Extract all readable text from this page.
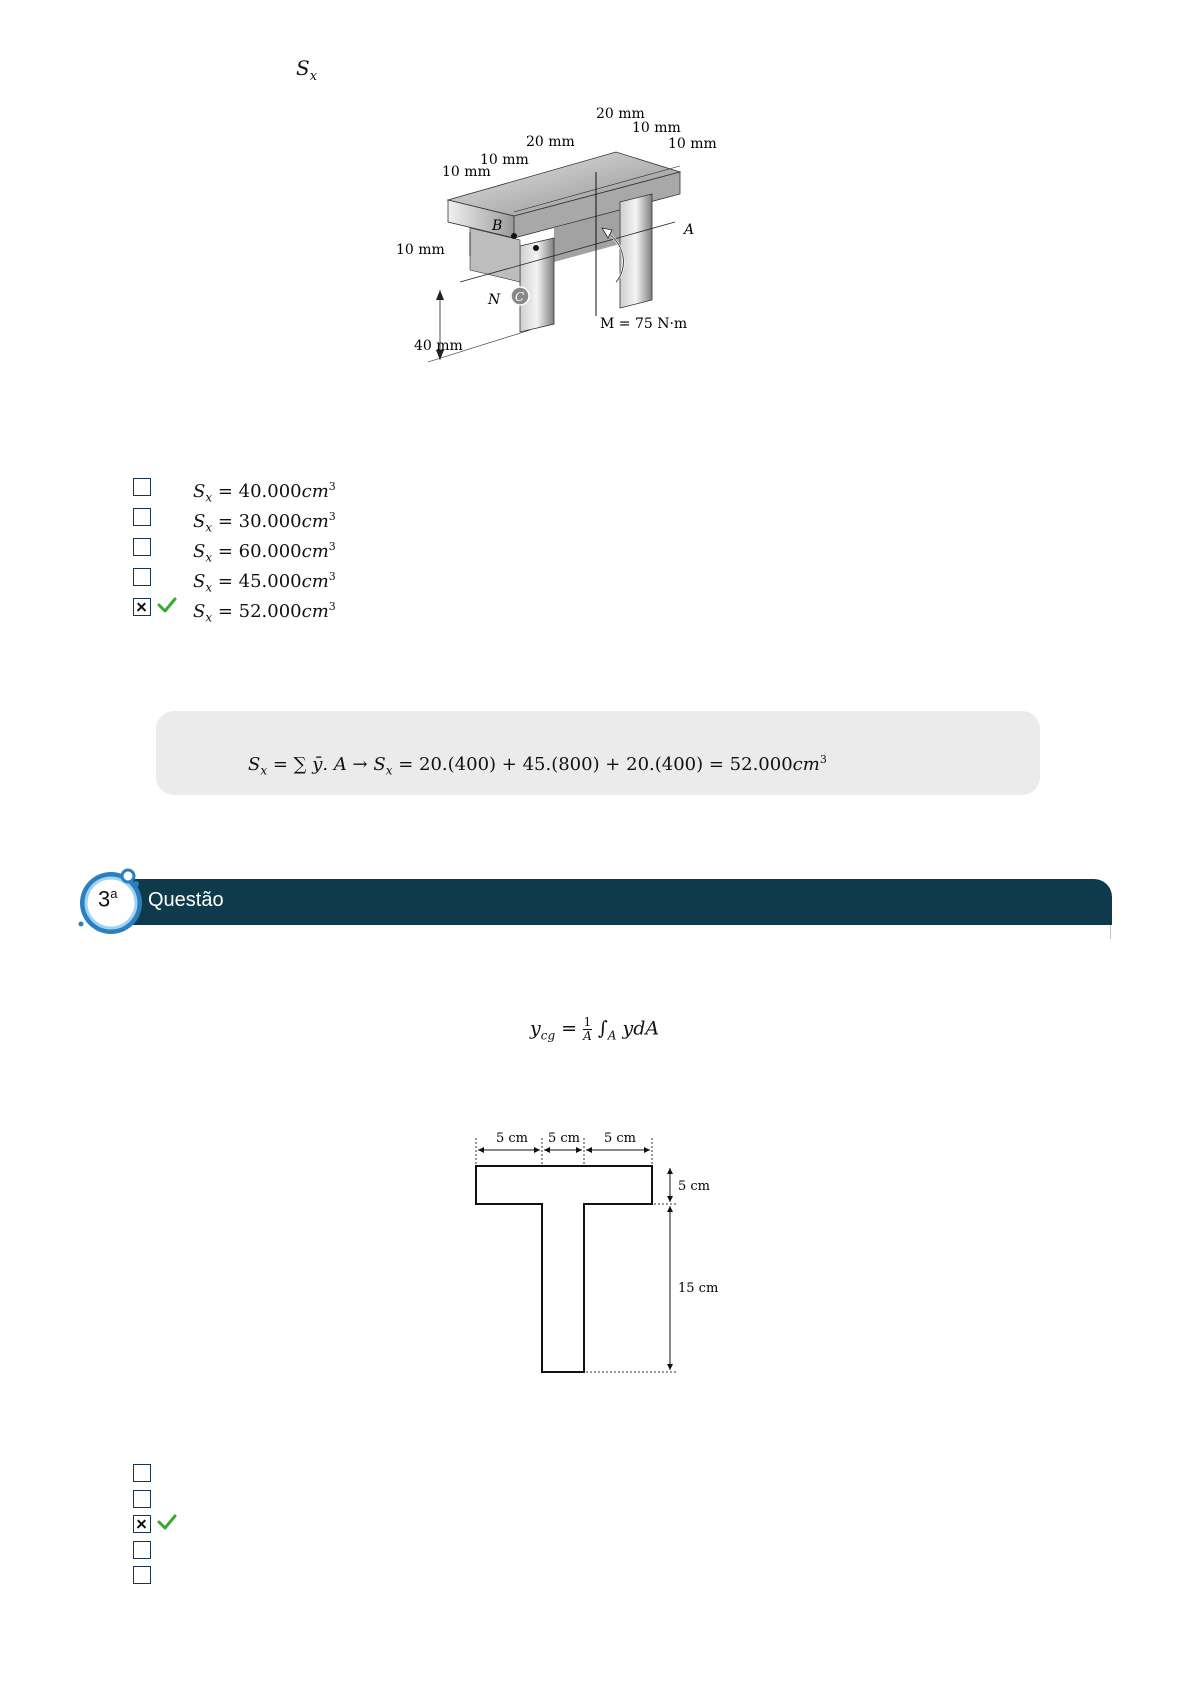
$S_x$
20 mm
10 mm
10 mm
20 mm
10 mm
10 mm
10 mm
40 mm
B	A
N C
M = 75 N·m
$S_x = 40.000cm^3$
$S_x = 30.000cm^3$
$S_x = 60.000cm^3$
$S_x = 45.000cm^3$
$S_x = 52.000cm^3$
$S_x$ = ∑ ȳ. $A \to S_x = 20.(400) + 45.(800) + 20.(400) = 52.000cm^3$
3$^a$ Questão
$y_{cg} = \frac{1}{A} \int_A$ ydA
5 cm 5 cm 5 cm
5 cm
15 cm
